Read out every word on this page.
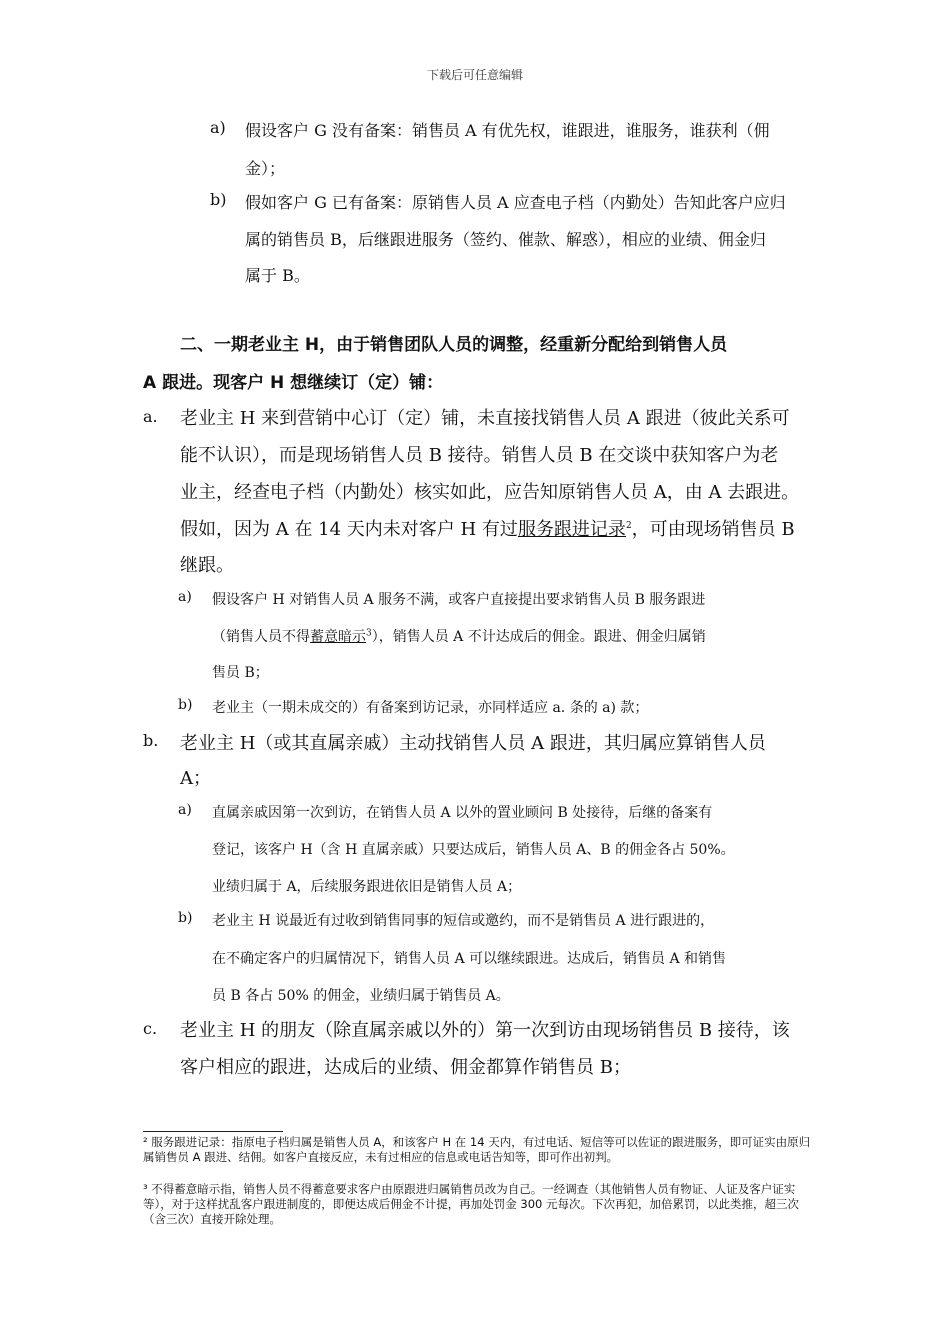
下载后可任意编辑
a) 假设客户 G 没有备案：销售员 A 有优先权，谁跟进，谁服务，谁获利（佣
金）；
b) 假如客户 G 已有备案：原销售人员 A 应查电子档（内勤处）告知此客户应归
属的销售员 B，后继跟进服务（签约、催款、解惑），相应的业绩、佣金归
属于 B。
二、一期老业主 H，由于销售团队人员的调整，经重新分配给到销售人员
A 跟进。现客户 H 想继续订（定）铺：
a. 老业主 H 来到营销中心订（定）铺，未直接找销售人员 A 跟进（彼此关系可
能不认识），而是现场销售人员 B 接待。销售人员 B 在交谈中获知客户为老
业主，经查电子档（内勤处）核实如此，应告知原销售人员 A，由 A 去跟进。
假如，因为 A 在 14 天内未对客户 H 有过服务跟进记录$^2$，可由现场销售员 B
继跟。
a) 假设客户 H 对销售人员 A 服务不满，或客户直接提出要求销售人员 B 服务跟进
（销售人员不得蓄意暗示$^3$），销售人员 A 不计达成后的佣金。跟进、佣金归属销
售员 B；
b) 老业主（一期未成交的）有备案到访记录，亦同样适应 a. 条的 a) 款；
b. 老业主 H（或其直属亲戚）主动找销售人员 A 跟进，其归属应算销售人员
A；
a) 直属亲戚因第一次到访，在销售人员 A 以外的置业顾问 B 处接待，后继的备案有
登记，该客户 H（含 H 直属亲戚）只要达成后，销售人员 A、B 的佣金各占 50%。
业绩归属于 A，后续服务跟进依旧是销售人员 A；
b) 老业主 H 说最近有过收到销售同事的短信或邀约，而不是销售员 A 进行跟进的，
在不确定客户的归属情况下，销售人员 A 可以继续跟进。达成后，销售员 A 和销售
员 B 各占 50% 的佣金，业绩归属于销售员 A。
c. 老业主 H 的朋友（除直属亲戚以外的）第一次到访由现场销售员 B 接待，该
客户相应的跟进，达成后的业绩、佣金都算作销售员 B；
² 服务跟进记录：指原电子档归属是销售人员 A，和该客户 H 在 14 天内，有过电话、短信等可以佐证的跟进服务，即可证实由原归属销售员 A 跟进、结佣。如客户直接反应，未有过相应的信息或电话告知等，即可作出初判。
³ 不得蓄意暗示指，销售人员不得蓄意要求客户由原跟进归属销售员改为自己。一经调查（其他销售人员有物证、人证及客户证实等），对于这样扰乱客户跟进制度的，即便达成后佣金不计提，再加处罚金 300 元每次。下次再犯，加倍累罚，以此类推，超三次（含三次）直接开除处理。
